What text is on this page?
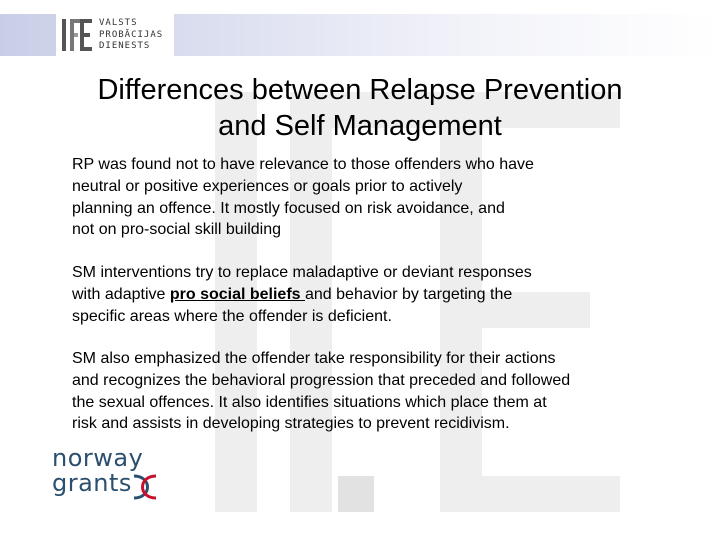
VALSTS
PROBĀCIJAS
DIENESTS
Differences between Relapse Prevention
and Self Management
RP was found not to have relevance to those offenders who have
neutral or positive experiences or goals prior to actively
planning an offence. It mostly focused on risk avoidance, and
not on pro-social skill building
SM interventions try to replace maladaptive or deviant responses
with adaptive pro social beliefs and behavior by targeting the
specific areas where the offender is deficient.
SM also emphasized the offender take responsibility for their actions
and recognizes the behavioral progression that preceded and followed
the sexual offences. It also identifies situations which place them at
risk and assists in developing strategies to prevent recidivism.
norway
grants
